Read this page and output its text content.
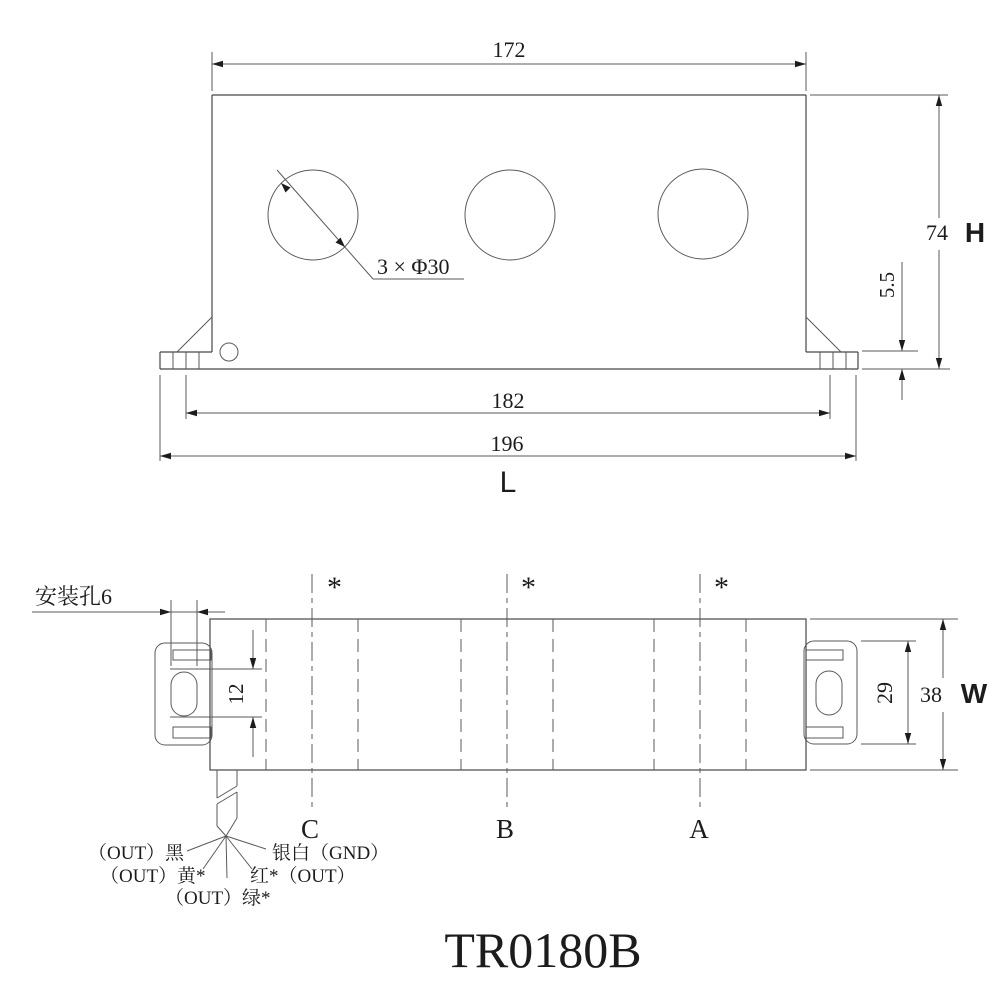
3 × Φ30
172
74 H
5.5
182
196
L
*	*	*
C	B	A
安装孔6
12	29 38 W
（OUT）黑
（OUT）黄*
（OUT）绿*
银白（GND）
红*（OUT）
TR0180B
